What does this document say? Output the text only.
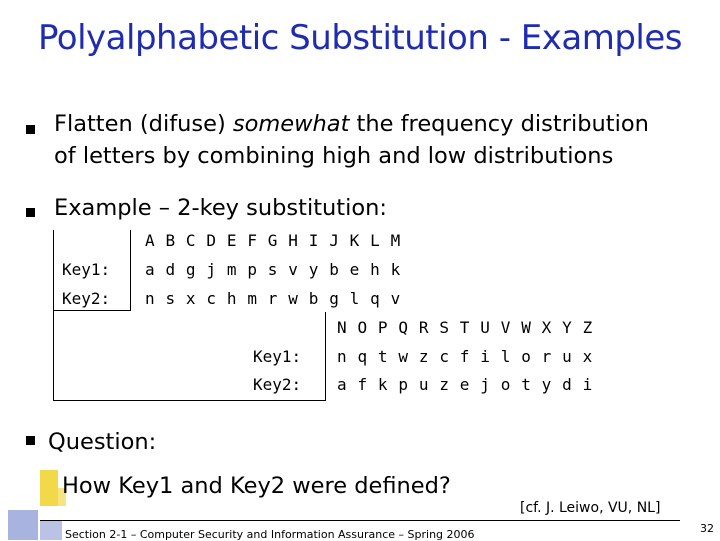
Polyalphabetic Substitution - Examples
Flatten (difuse) somewhat the frequency distribution
of letters by combining high and low distributions
Example – 2-key substitution:
Key1:
Key2:
A B C D E F G H I J K L M
a d g j m p s v y b e h k
n s x c h m r w b g l q v
Key1:
Key2:
N O P Q R S T U V W X Y Z
n q t w z c f i l o r u x
a f k p u z e j o t y d i
Question:
How Key1 and Key2 were defined?
[cf. J. Leiwo, VU, NL]
Section 2-1 – Computer Security and Information Assurance – Spring 2006	32
